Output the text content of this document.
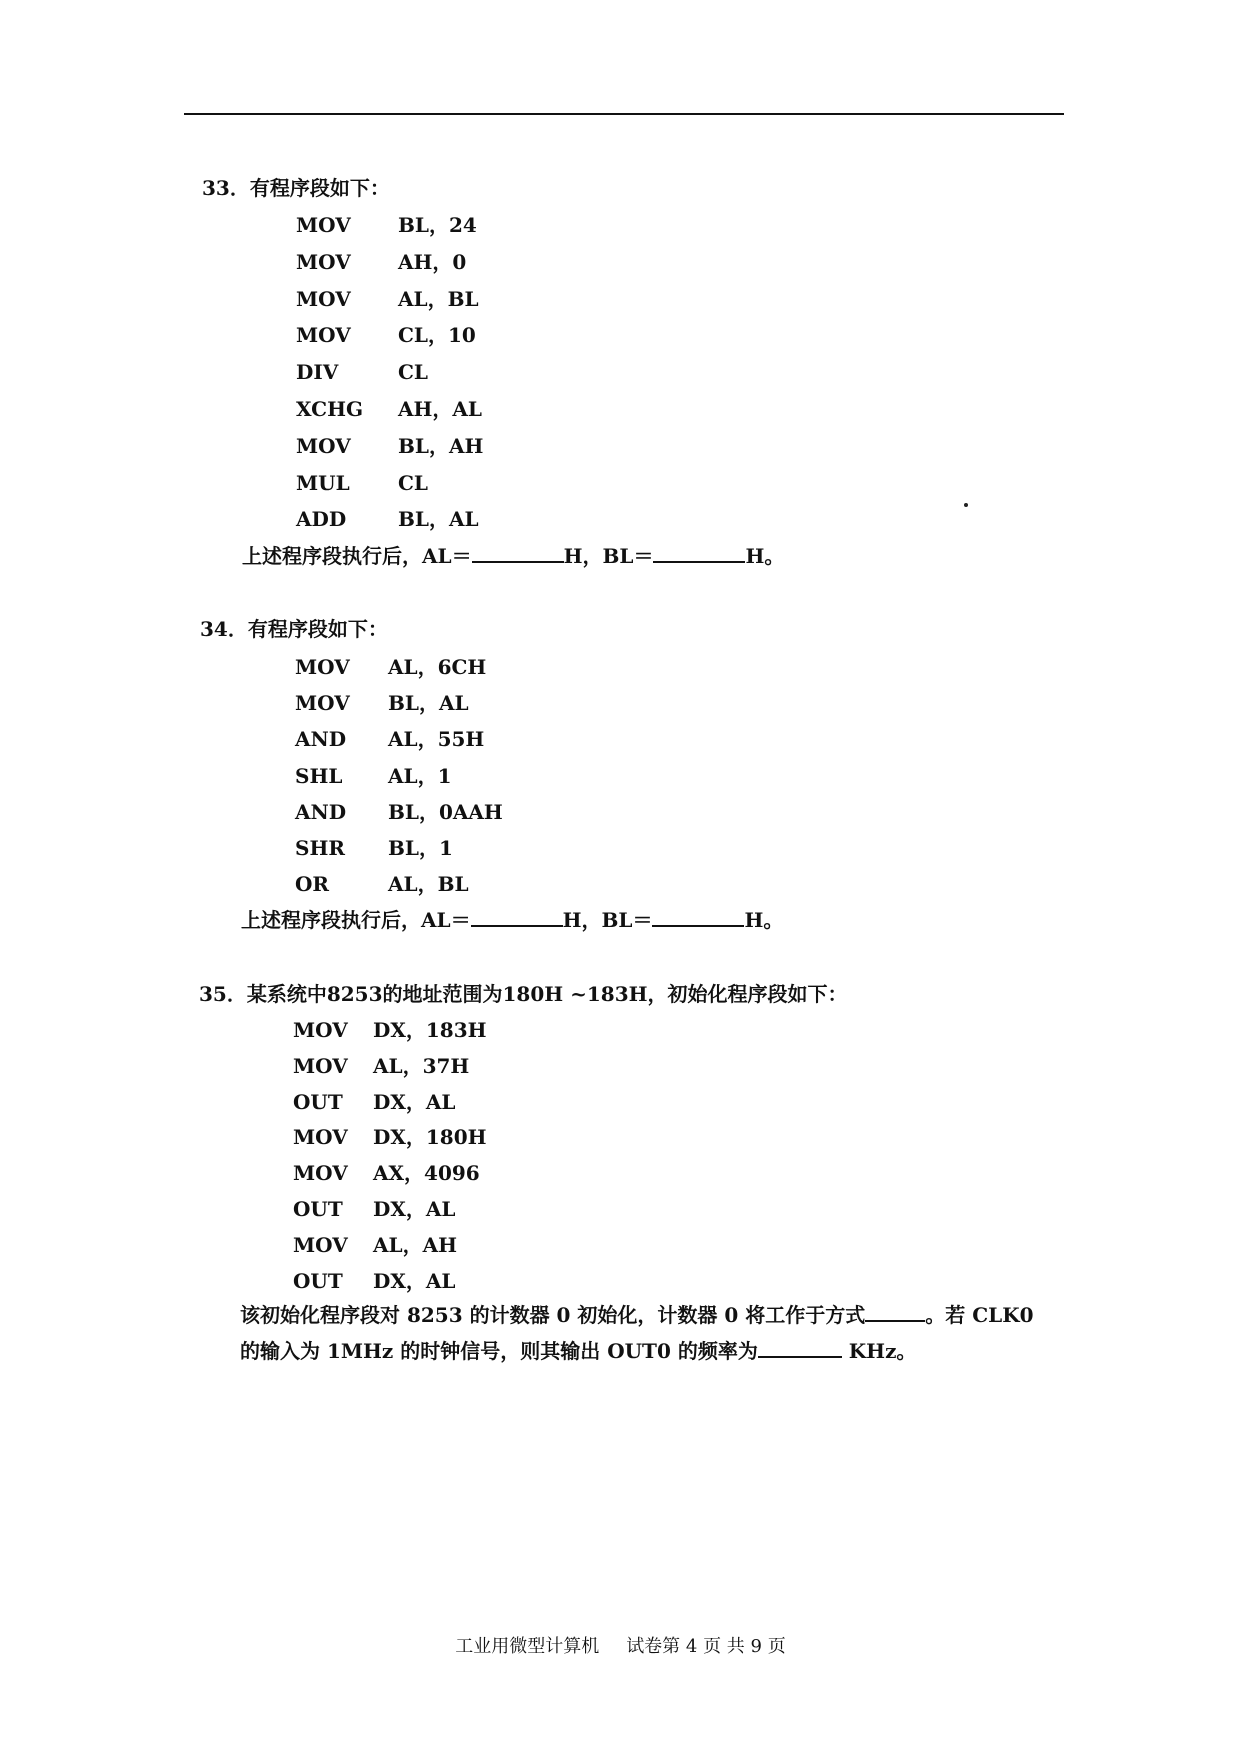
33．有程序段如下：
MOV BL，24
MOV AH，0
MOV AL，BL
MOV CL，10
DIV	CL
XCHG AH，AL
MOV BL，AH
MUL CL
ADD	BL，AL
上述程序段执行后，AL＝	H，BL＝	H。
34．有程序段如下：
MOV AL，6CH
MOV BL，AL
AND AL，55H
SHL AL，1
AND BL，0AAH
SHR BL，1
OR	AL，BL
上述程序段执行后，AL＝	H，BL＝	H。
35．某系统中8253的地址范围为180H ~183H，初始化程序段如下：
MOV DX，183H
MOV AL，37H
OUT DX，AL
MOV DX，180H
MOV AX，4096
OUT DX，AL
MOV AL，AH
OUT DX，AL
该初始化程序段对 8253 的计数器 0 初始化，计数器 0 将工作于方式	。若 CLK0
的输入为 1MHz 的时钟信号，则其输出 OUT0 的频率为	KHz。
工业用微型计算机 试卷第 4 页 共 9 页
